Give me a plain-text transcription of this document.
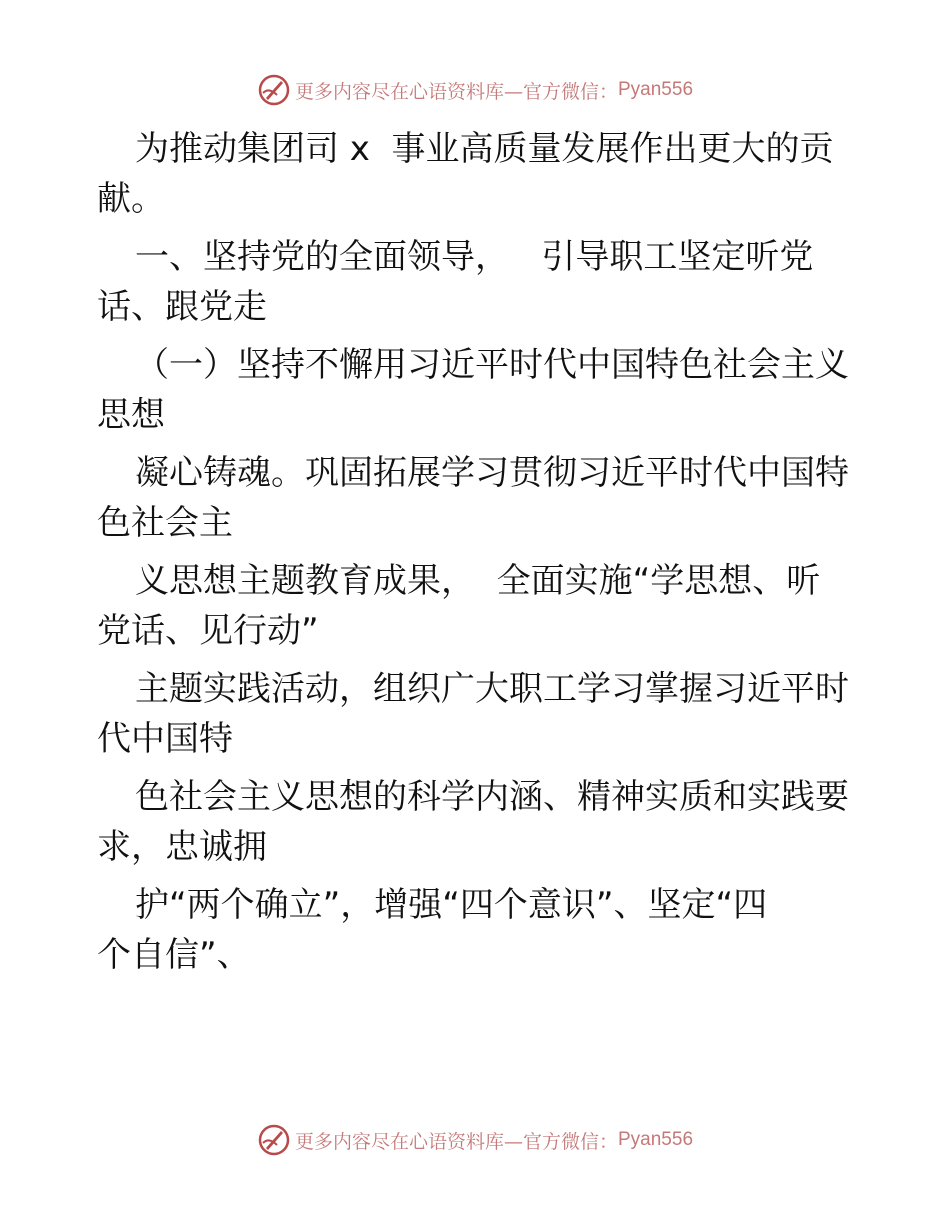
更多内容尽在心语资料库—官方微信： Pyan556
为推动集团司 x  事业高质量发展作出更大的贡
献。
一、坚持党的全面领导，   引导职工坚定听党
话、跟党走
（一）坚持不懈用习近平时代中国特色社会主义
思想
凝心铸魂。巩固拓展学习贯彻习近平时代中国特
色社会主
义思想主题教育成果，  全面实施“学思想、听
党话、见行动”
主题实践活动，组织广大职工学习掌握习近平时
代中国特
色社会主义思想的科学内涵、精神实质和实践要
求，忠诚拥
护“两个确立”，增强“四个意识”、坚定“四
个自信”、
更多内容尽在心语资料库—官方微信： Pyan556
